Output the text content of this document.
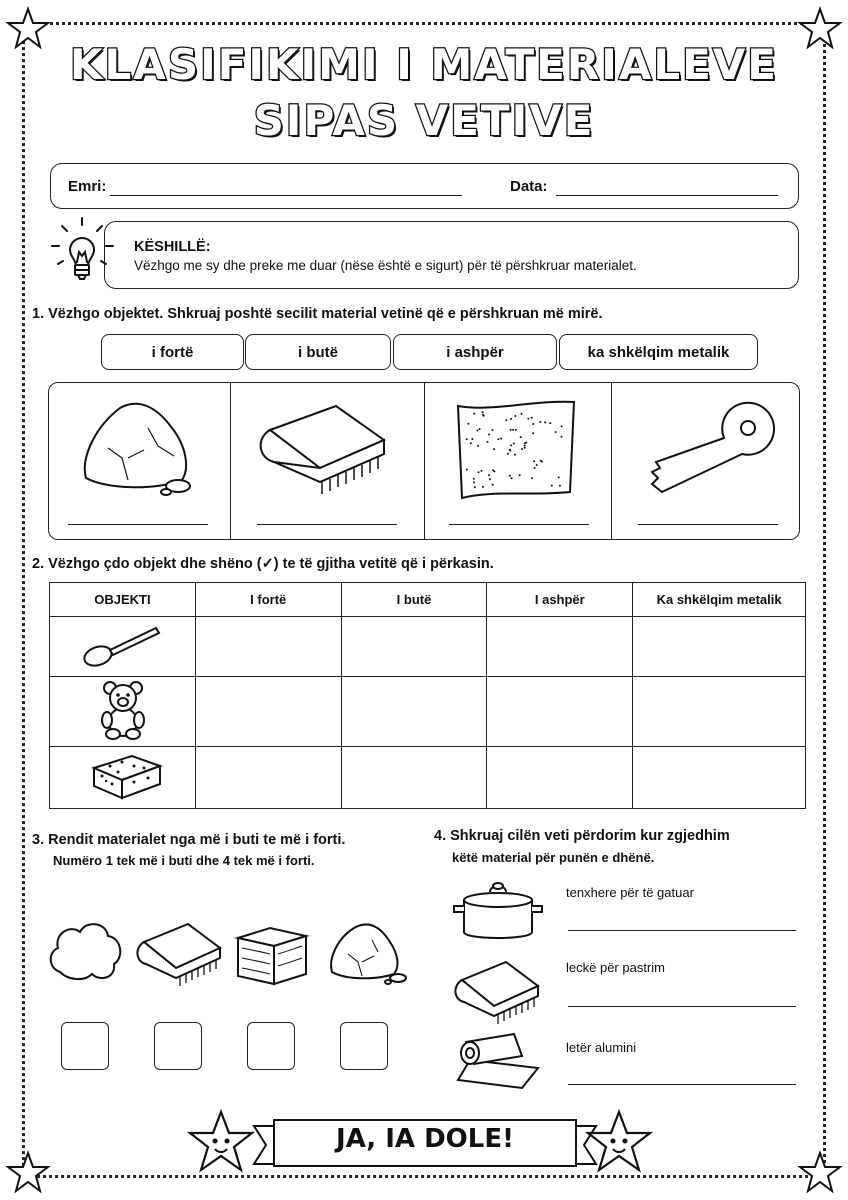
KLASIFIKIMI I MATERIALEVE
SIPAS VETIVE
Emri:	Data:
KËSHILLË:
Vëzhgo me sy dhe preke me duar (nëse është e sigurt) për të përshkruar materialet.
1. Vëzhgo objektet. Shkruaj poshtë secilit material vetinë që e përshkruan më mirë.
i fortë	i butë	i ashpër	ka shkëlqim metalik
2. Vëzhgo çdo objekt dhe shëno (✓) te të gjitha vetitë që i përkasin.
OBJEKTI	I fortë	I butë	I ashpër	Ka shkëlqim metalik

3. Rendit materialet nga më i buti te më i forti.
Numëro 1 tek më i buti dhe 4 tek më i forti.
4. Shkruaj cilën veti përdorim kur zgjedhim
këtë material për punën e dhënë.
tenxhere për të gatuar
leckë për pastrim
letër alumini
JA, IA DOLE!
